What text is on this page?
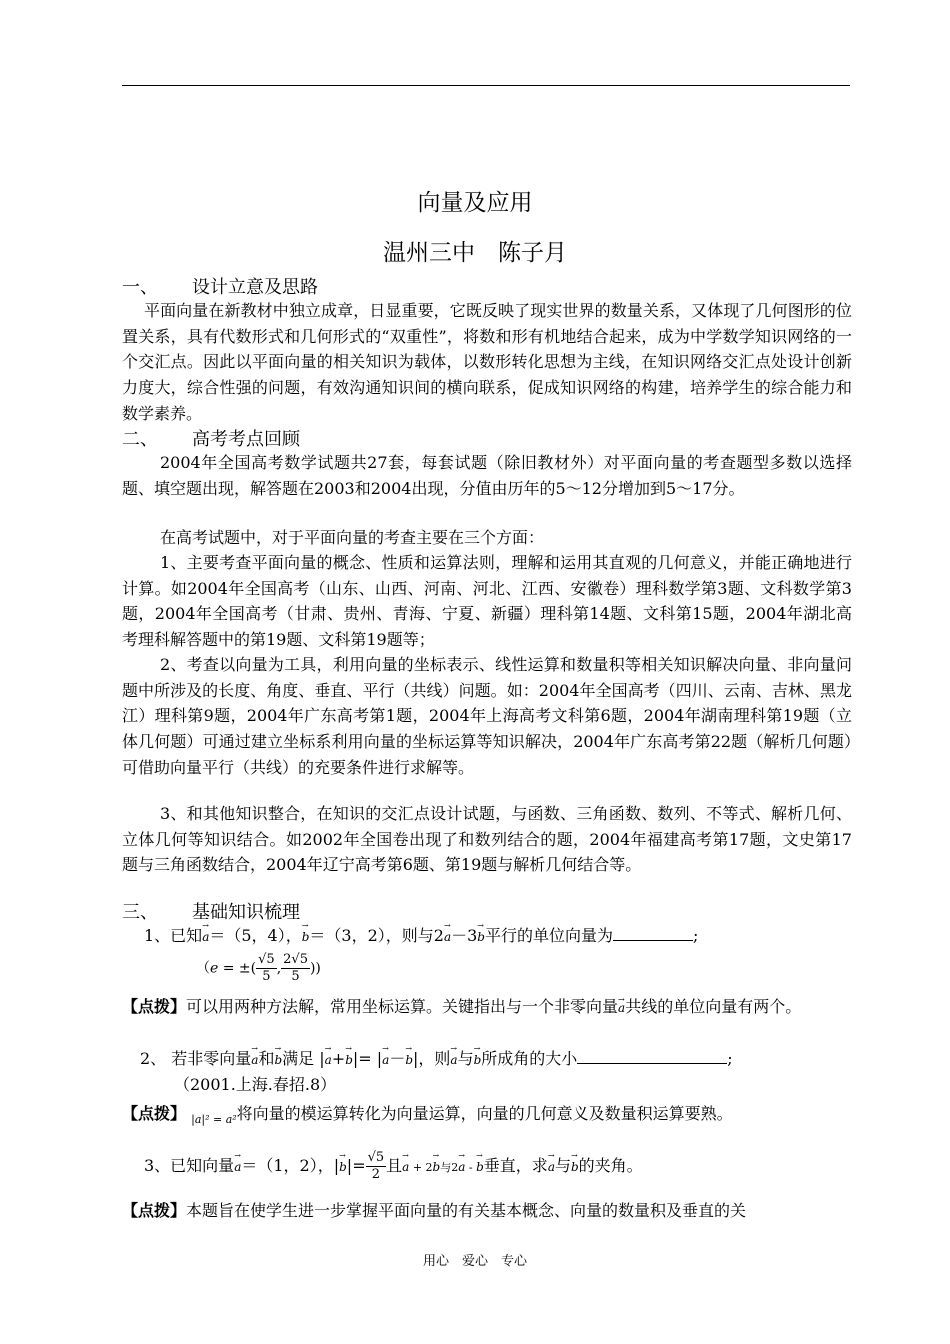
向量及应用
温州三中　陈子月
一、 设计立意及思路

平面向量在新教材中独立成章，日显重要，它既反映了现实世界的数量关系，又体现了几何图形的位置关系，具有代数形式和几何形式的“双重性”，将数和形有机地结合起来，成为中学数学知识网络的一个交汇点。因此以平面向量的相关知识为载体，以数形转化思想为主线，在知识网络交汇点处设计创新力度大，综合性强的问题，有效沟通知识间的横向联系，促成知识网络的构建，培养学生的综合能力和数学素养。

二、 高考考点回顾

2004年全国高考数学试题共27套，每套试题（除旧教材外）对平面向量的考查题型多数以选择题、填空题出现，解答题在2003和2004出现，分值由历年的5～12分增加到5～17分。

在高考试题中，对于平面向量的考查主要在三个方面：

1、主要考查平面向量的概念、性质和运算法则，理解和运用其直观的几何意义，并能正确地进行计算。如2004年全国高考（山东、山西、河南、河北、江西、安徽卷）理科数学第3题、文科数学第3题，2004年全国高考（甘肃、贵州、青海、宁夏、新疆）理科第14题、文科第15题，2004年湖北高考理科解答题中的第19题、文科第19题等；

2、考查以向量为工具，利用向量的坐标表示、线性运算和数量积等相关知识解决向量、非向量问题中所涉及的长度、角度、垂直、平行（共线）问题。如：2004年全国高考（四川、云南、吉林、黑龙江）理科第9题，2004年广东高考第1题，2004年上海高考文科第6题，2004年湖南理科第19题（立体几何题）可通过建立坐标系利用向量的坐标运算等知识解决，2004年广东高考第22题（解析几何题）可借助向量平行（共线）的充要条件进行求解等。

3、和其他知识整合，在知识的交汇点设计试题，与函数、三角函数、数列、不等式、解析几何、立体几何等知识结合。如2002年全国卷出现了和数列结合的题，2004年福建高考第17题，文史第17题与三角函数结合，2004年辽宁高考第6题、第19题与解析几何结合等。

三、 基础知识梳理
1、已知→ a＝（5，4），→ b＝（3，2），则与2→ a－3→ b平行的单位向量为	;
（e = ±( $\frac{√5}{5}$ , $\frac{2√5}{5}$ ))

【点拨】可以用两种方法解，常用坐标运算。关键指出与一个非零向量→ a共线的单位向量有两个。

2、 若非零向量→ a和→ b满足 |→ a+→ b|= |→ a－→ b|，则→ a与→ b所成角的大小	;
（2001.上海.春招.8）
【点拨】 $_{|a|^2 = a^2}$将向量的模运算转化为向量运算，向量的几何意义及数量积运算要熟。
3、已知向量→ a＝（1，2），|→ $b|= \frac{√5}{2}$ 且→ a + 2→ b与2→ a - → b垂直，求→ a与→ b的夹角。
【点拨】本题旨在使学生进一步掌握平面向量的有关基本概念、向量的数量积及垂直的关
用心　爱心　专心
